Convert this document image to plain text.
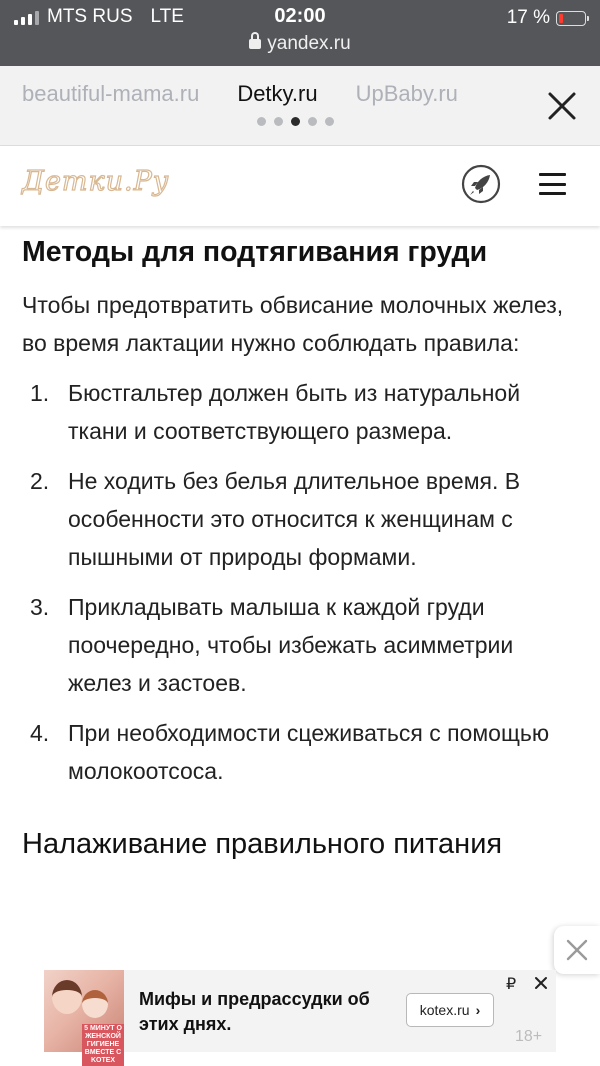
MTS RUS LTE	02:00
yandex.ru
17 %
beautiful-mama.ru Detky.ru UpBaby.ru
Детки.Ру
Методы для подтягивания груди

Чтобы предотвратить обвисание молочных желез, во время лактации нужно соблюдать правила:

1. Бюстгальтер должен быть из натуральной ткани и соответствующего размера.
2. Не ходить без белья длительное время. В особенности это относится к женщинам с пышными от природы формами.
3. Прикладывать малыша к каждой груди поочередно, чтобы избежать асимметрии желез и застоев.
4. При необходимости сцеживаться с помощью молокоотсоса.
Налаживание правильного питания
5 МИНУТ О ЖЕНСКОЙ ГИГИЕНЕ ВМЕСТЕ С KOTEX
Мифы и предрассудки об этих днях.
kotex.ru ›
₽
18+
